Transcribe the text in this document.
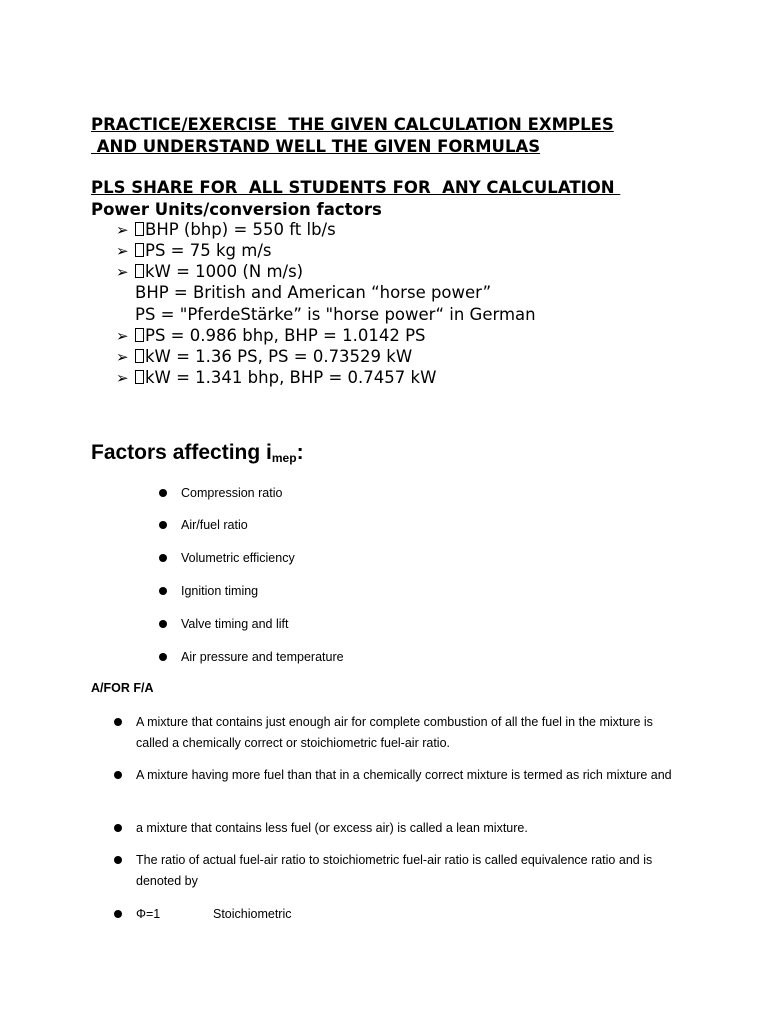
PRACTICE/EXERCISE  THE GIVEN CALCULATION EXMPLES
AND UNDERSTAND WELL THE GIVEN FORMULAS
PLS SHARE FOR  ALL STUDENTS FOR  ANY CALCULATION
Power Units/conversion factors
➢ BHP (bhp) = 550 ft lb/s
➢ PS = 75 kg m/s
➢ kW = 1000 (N m/s)
BHP = British and American “horse power”
PS = "PferdeStärke” is "horse power“ in German
➢ PS = 0.986 bhp, BHP = 1.0142 PS
➢ kW = 1.36 PS, PS = 0.73529 kW
➢ kW = 1.341 bhp, BHP = 0.7457 kW
Factors affecting $i_{mep}$:
Compression ratio
Air/fuel ratio
Volumetric efficiency
Ignition timing
Valve timing and lift
Air pressure and temperature
A/FOR F/A
A mixture that contains just enough air for complete combustion of all the fuel in the mixture is called a chemically correct or stoichiometric fuel-air ratio.
A mixture having more fuel than that in a chemically correct mixture is termed as rich mixture and
a mixture that contains less fuel (or excess air) is called a lean mixture.
The ratio of actual fuel-air ratio to stoichiometric fuel-air ratio is called equivalence ratio and is denoted by
Φ=1	Stoichiometric
